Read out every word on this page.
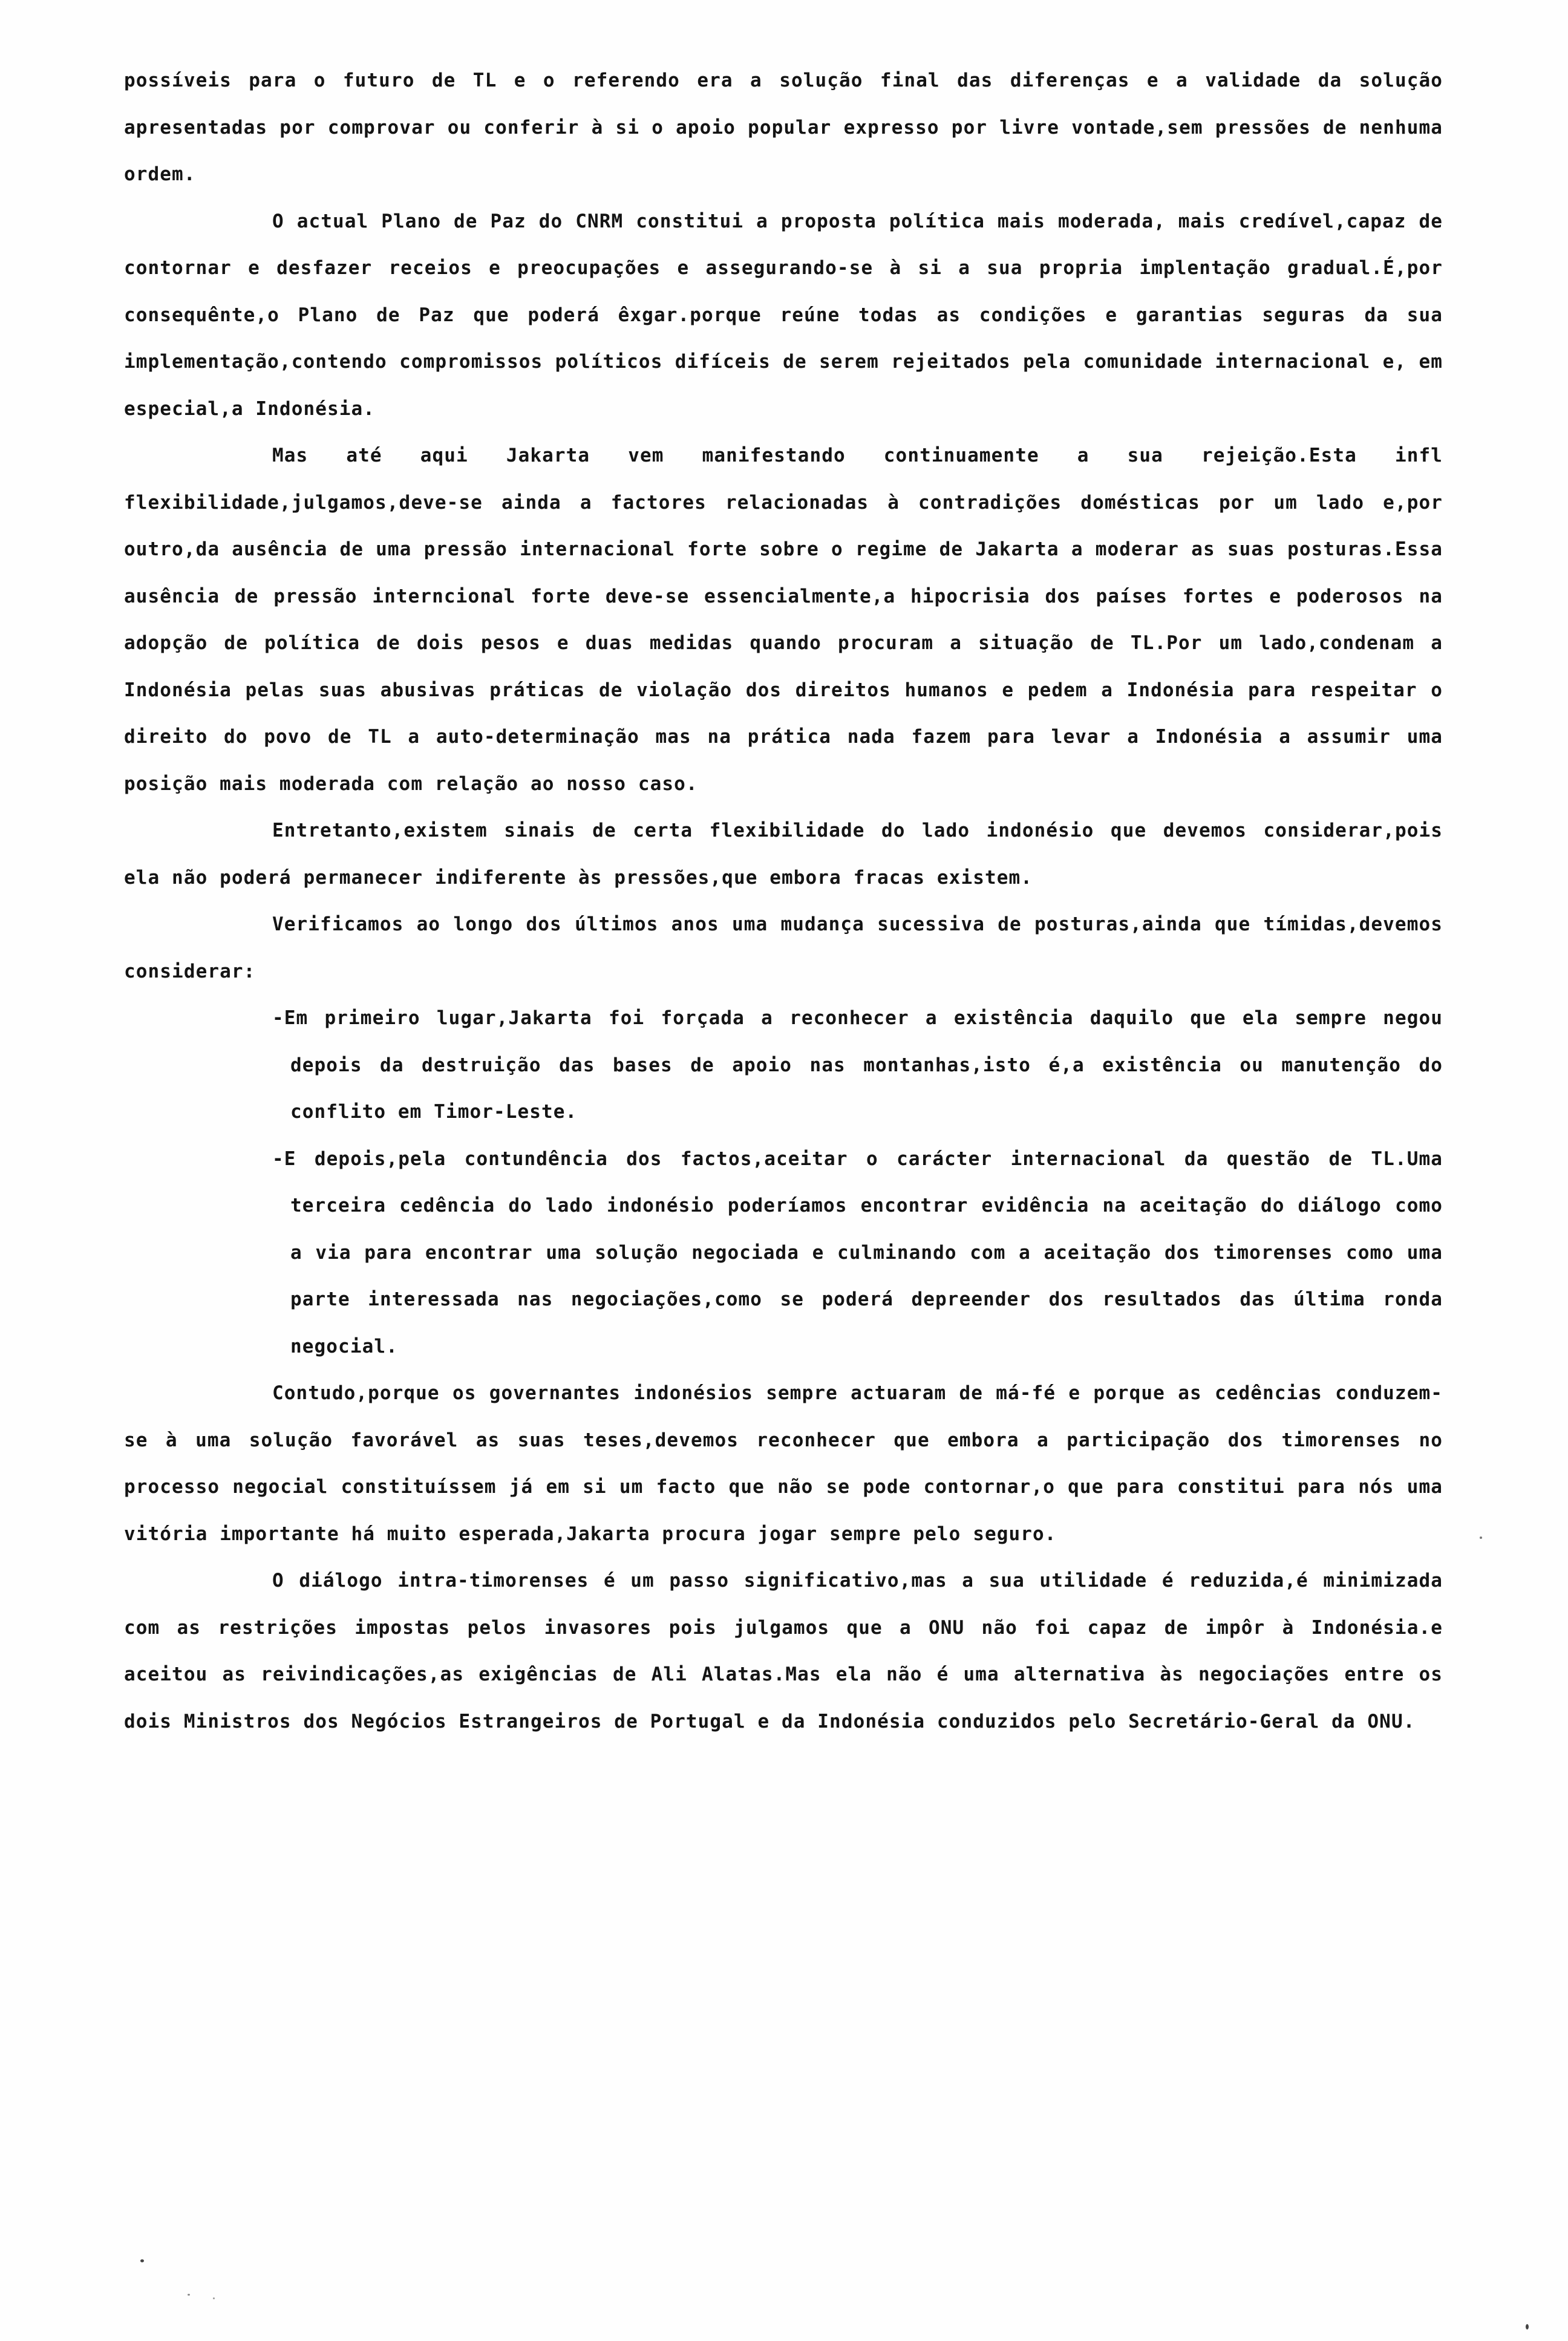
possíveis para o futuro de TL e o referendo era a solução final das diferenças e a validade da solução apresentadas por comprovar ou conferir à si o apoio popular expresso por livre vontade,sem pressões de nenhuma ordem.

O actual Plano de Paz do CNRM constitui a proposta política mais moderada, mais credível,capaz de contornar e desfazer receios e preocupações e assegurando-se à si a sua propria implentação gradual.É,por consequênte,o Plano de Paz que poderá êxgar.porque reúne todas as condições e garantias seguras da sua implementação,contendo compromissos políticos difíceis de serem rejeitados pela comunidade internacional e, em especial,a Indonésia.

Mas até aqui Jakarta vem manifestando continuamente a sua rejeição.Esta infl flexibilidade,julgamos,deve-se ainda a factores relacionadas à contradições domésticas por um lado e,por outro,da ausência de uma pressão internacional forte sobre o regime de Jakarta a moderar as suas posturas.Essa ausência de pressão interncional forte deve-se essencialmente,a hipocrisia dos países fortes e poderosos na adopção de política de dois pesos e duas medidas quando procuram a situação de TL.Por um lado,condenam a Indonésia pelas suas abusivas práticas de violação dos direitos humanos e pedem a Indonésia para respeitar o direito do povo de TL a auto-determinação mas na prática nada fazem para levar a Indonésia a assumir uma posição mais moderada com relação ao nosso caso.

Entretanto,existem sinais de certa flexibilidade do lado indonésio que devemos considerar,pois ela não poderá permanecer indiferente às pressões,que embora fracas existem.

Verificamos ao longo dos últimos anos uma mudança sucessiva de posturas,ainda que tímidas,devemos considerar:

-Em primeiro lugar,Jakarta foi forçada a reconhecer a existência daquilo que ela sempre negou depois da destruição das bases de apoio nas montanhas,isto é,a existência ou manutenção do conflito em Timor-Leste.

-E depois,pela contundência dos factos,aceitar o carácter internacional da questão de TL.Uma terceira cedência do lado indonésio poderíamos encontrar evidência na aceitação do diálogo como a via para encontrar uma solução negociada e culminando com a aceitação dos timorenses como uma parte interessada nas negociações,como se poderá depreender dos resultados das última ronda negocial.

Contudo,porque os governantes indonésios sempre actuaram de má-fé e porque as cedências conduzem-se à uma solução favorável as suas teses,devemos reconhecer que embora a participação dos timorenses no processo negocial constituíssem já em si um facto que não se pode contornar,o que para constitui para nós uma vitória importante há muito esperada,Jakarta procura jogar sempre pelo seguro.

O diálogo intra-timorenses é um passo significativo,mas a sua utilidade é reduzida,é minimizada com as restrições impostas pelos invasores pois julgamos que a ONU não foi capaz de impôr à Indonésia.e aceitou as reivindicações,as exigências de Ali Alatas.Mas ela não é uma alternativa às negociações entre os dois Ministros dos Negócios Estrangeiros de Portugal e da Indonésia conduzidos pelo Secretário-Geral da ONU.
